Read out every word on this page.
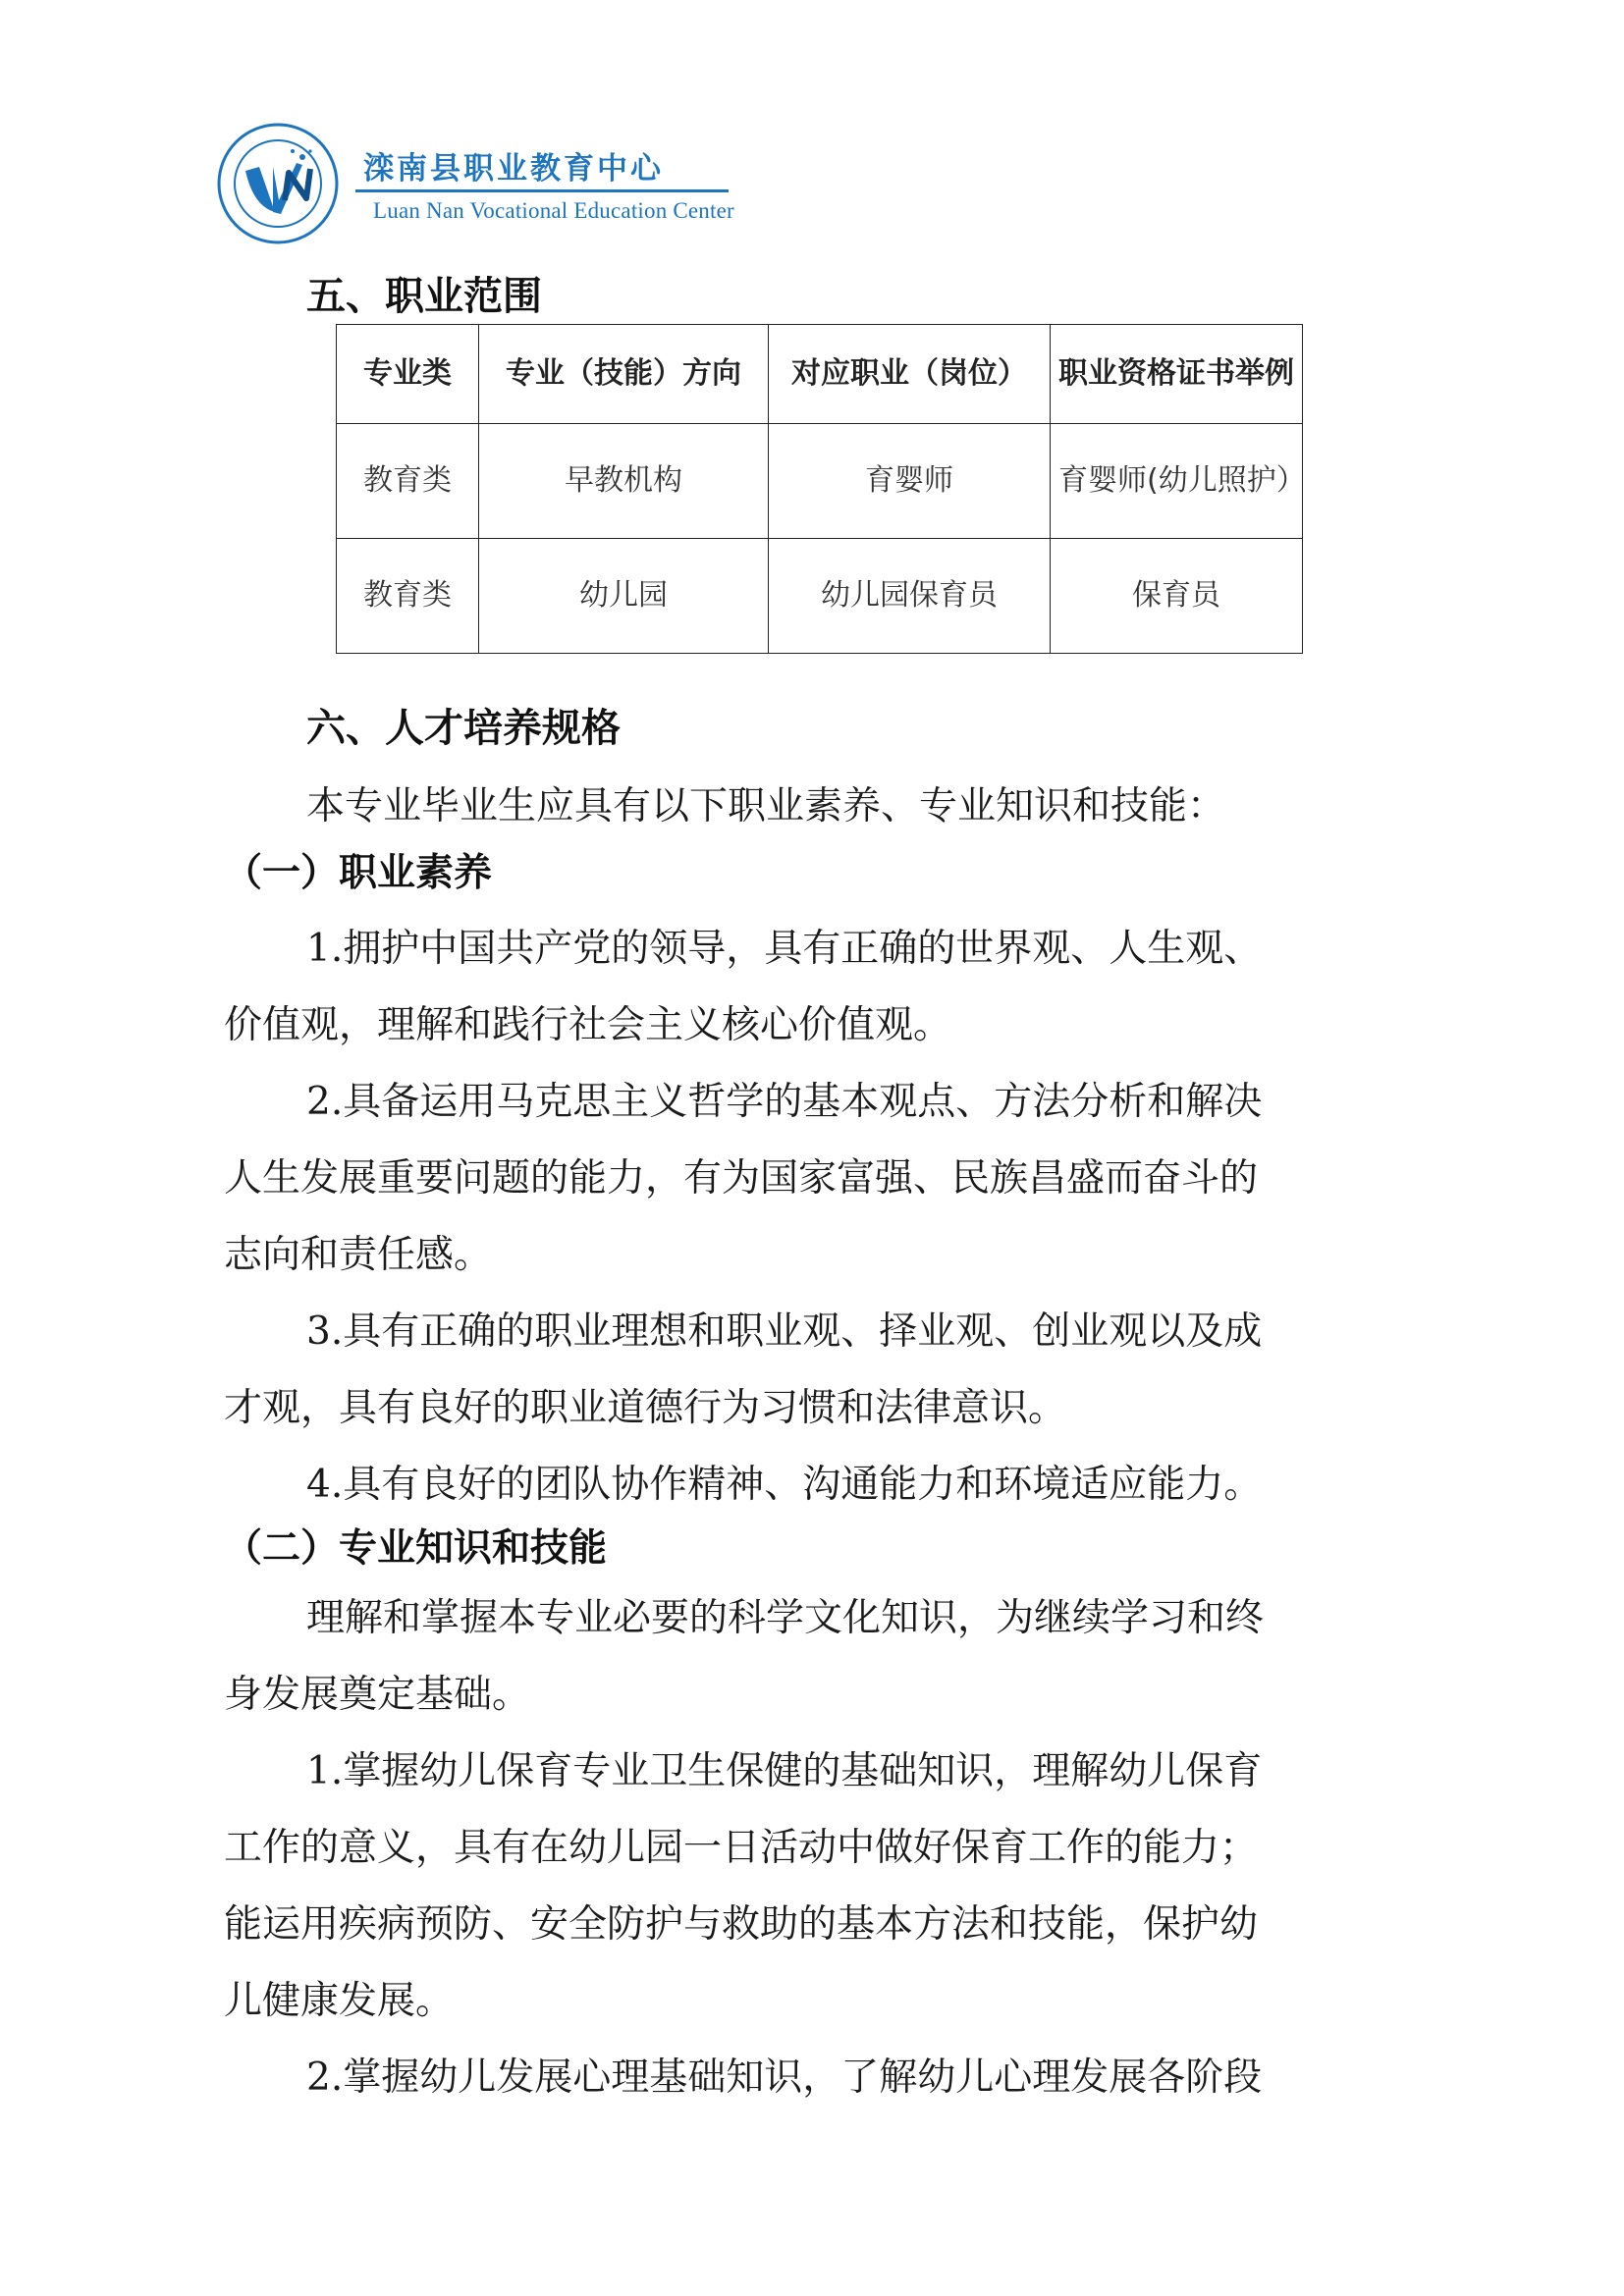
滦南县职业教育中心
Luan Nan Vocational Education Center
五、职业范围
专业类	专业（技能）方向	对应职业（岗位）	职业资格证书举例
教育类	早教机构	育婴师	育婴师(幼儿照护）
教育类	幼儿园	幼儿园保育员	保育员
六、人才培养规格
本专业毕业生应具有以下职业素养、专业知识和技能：
（一）职业素养
1.拥护中国共产党的领导，具有正确的世界观、人生观、
价值观，理解和践行社会主义核心价值观。
2.具备运用马克思主义哲学的基本观点、方法分析和解决
人生发展重要问题的能力，有为国家富强、民族昌盛而奋斗的
志向和责任感。
3.具有正确的职业理想和职业观、择业观、创业观以及成
才观，具有良好的职业道德行为习惯和法律意识。
4.具有良好的团队协作精神、沟通能力和环境适应能力。
（二）专业知识和技能
理解和掌握本专业必要的科学文化知识，为继续学习和终
身发展奠定基础。
1.掌握幼儿保育专业卫生保健的基础知识，理解幼儿保育
工作的意义，具有在幼儿园一日活动中做好保育工作的能力；
能运用疾病预防、安全防护与救助的基本方法和技能，保护幼
儿健康发展。
2.掌握幼儿发展心理基础知识，了解幼儿心理发展各阶段
